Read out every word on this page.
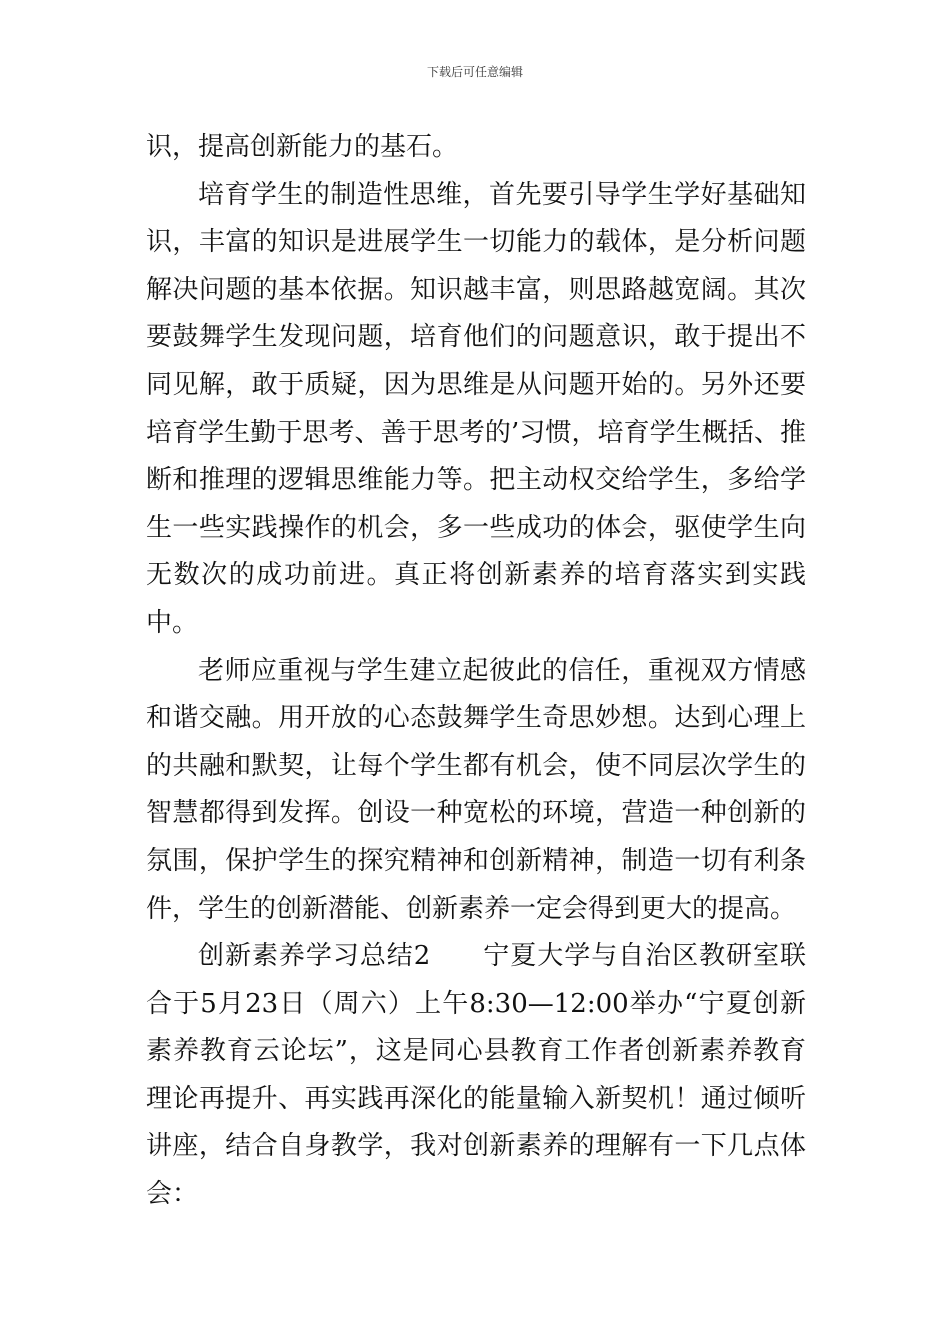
下载后可任意编辑

识，提高创新能力的基石。

培育学生的制造性思维，首先要引导学生学好基础知识，丰富的知识是进展学生一切能力的载体，是分析问题解决问题的基本依据。知识越丰富，则思路越宽阔。其次要鼓舞学生发现问题，培育他们的问题意识，敢于提出不同见解，敢于质疑，因为思维是从问题开始的。另外还要培育学生勤于思考、善于思考的’习惯，培育学生概括、推断和推理的逻辑思维能力等。把主动权交给学生，多给学生一些实践操作的机会，多一些成功的体会，驱使学生向无数次的成功前进。真正将创新素养的培育落实到实践中。

老师应重视与学生建立起彼此的信任，重视双方情感和谐交融。用开放的心态鼓舞学生奇思妙想。达到心理上的共融和默契，让每个学生都有机会，使不同层次学生的智慧都得到发挥。创设一种宽松的环境，营造一种创新的氛围，保护学生的探究精神和创新精神，制造一切有利条件，学生的创新潜能、创新素养一定会得到更大的提高。

创新素养学习总结2 宁夏大学与自治区教研室联合于5月23日（周六）上午8:30—12:00举办“宁夏创新素养教育云论坛”，这是同心县教育工作者创新素养教育理论再提升、再实践再深化的能量输入新契机！通过倾听讲座，结合自身教学，我对创新素养的理解有一下几点体会：
